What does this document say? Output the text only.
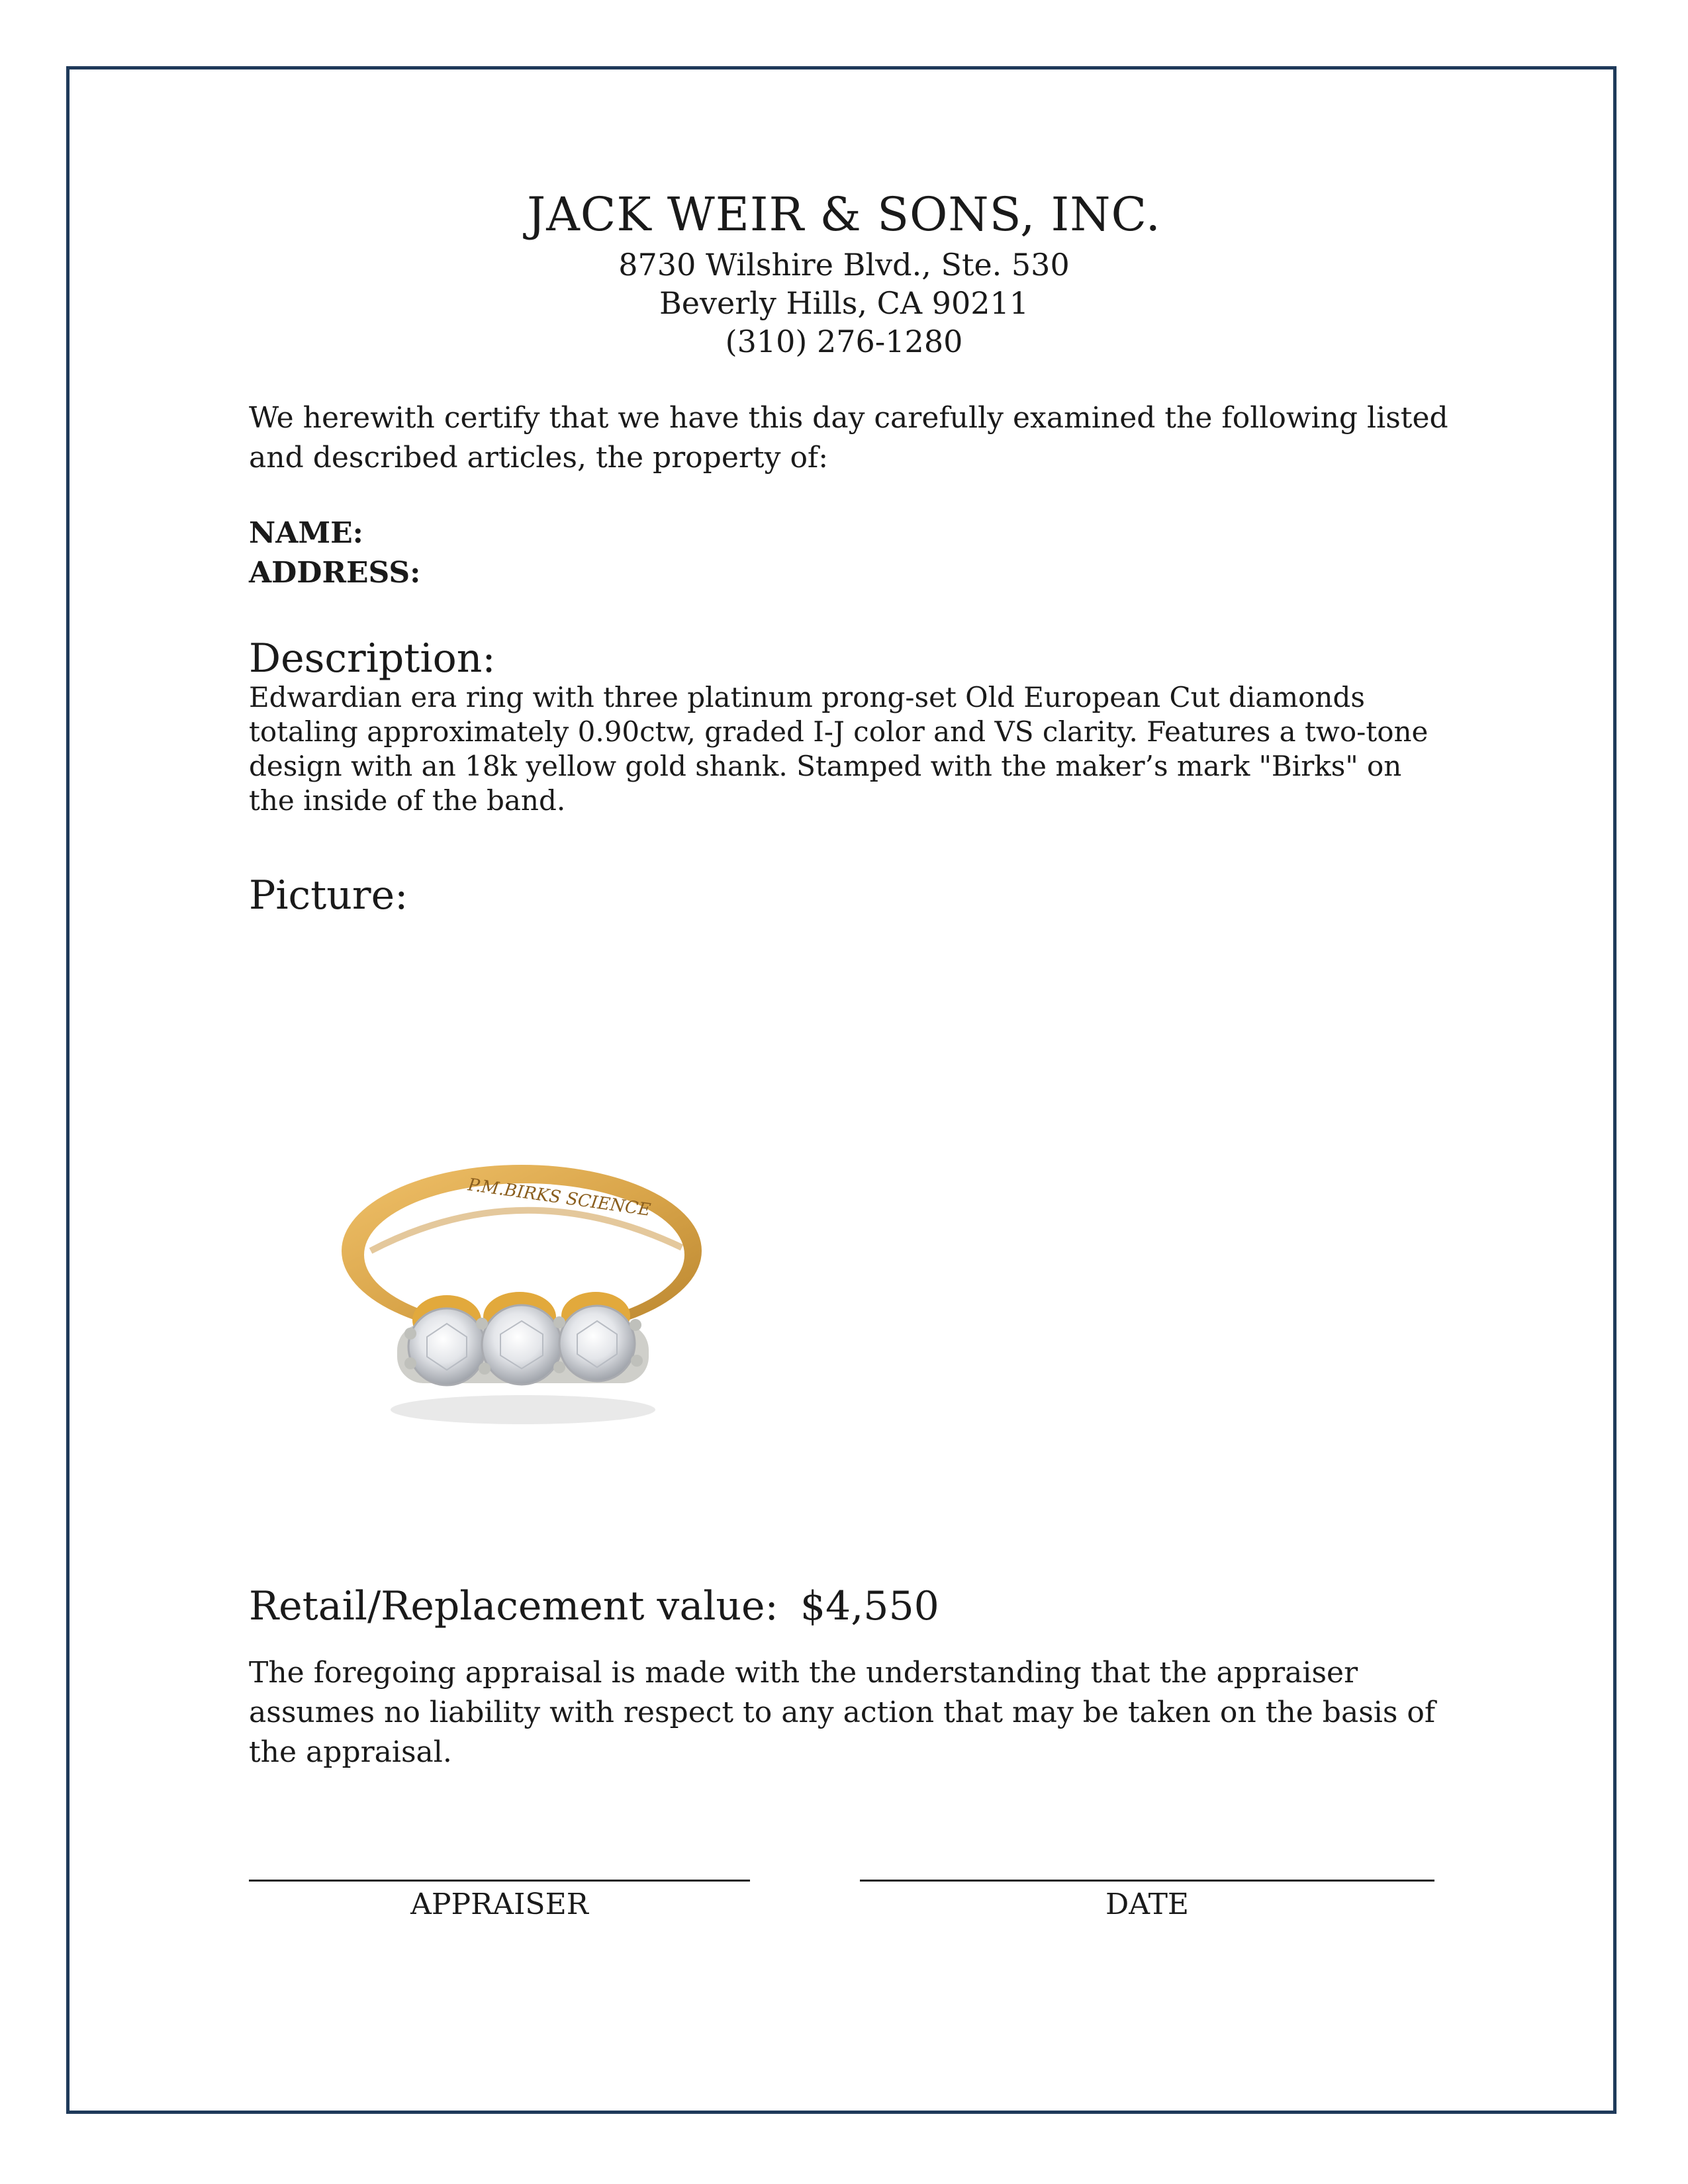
JACK WEIR & SONS, INC.
8730 Wilshire Blvd., Ste. 530
Beverly Hills, CA 90211
(310) 276-1280
We herewith certify that we have this day carefully examined the following listed and described articles, the property of:
NAME:
ADDRESS:
Description:
Edwardian era ring with three platinum prong-set Old European Cut diamonds totaling approximately 0.90ctw, graded I-J color and VS clarity. Features a two-tone design with an 18k yellow gold shank. Stamped with the maker’s mark "Birks" on the inside of the band.
Picture:
P.M.BIRKS SCIENCE
Retail/Replacement value: $4,550
The foregoing appraisal is made with the understanding that the appraiser assumes no liability with respect to any action that may be taken on the basis of the appraisal.
APPRAISER	DATE
